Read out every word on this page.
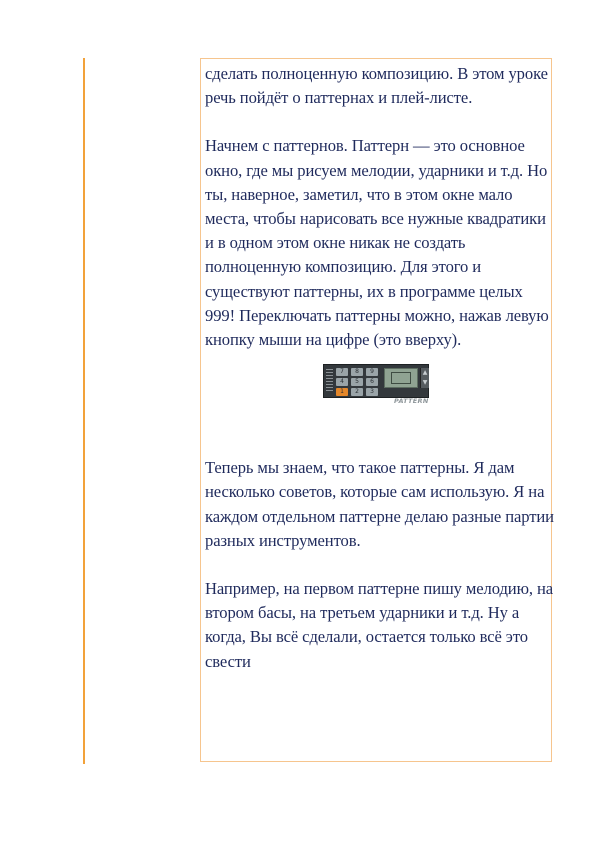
сделать полноценную композицию. В этом уроке речь пойдёт о паттернах и плей-листе.

Начнем с паттернов. Паттерн — это основное окно, где мы рисуем мелодии, ударники и т.д. Но ты, наверное, заметил, что в этом окне мало места, чтобы нарисовать все нужные квадратики и в одном этом окне никак не создать полноценную композицию. Для этого и существуют паттерны, их в программе целых 999! Переключать паттерны можно, нажав левую кнопку мыши на цифре (это вверху).

7	8	9
4	5	6
1	2	3
▲
▼
PATTERN

Теперь мы знаем, что такое паттерны. Я дам несколько советов, которые сам использую. Я на каждом отдельном паттерне делаю разные партии разных инструментов.

Например, на первом паттерне пишу мелодию, на втором басы, на третьем ударники и т.д. Ну а когда, Вы всё сделали, остается только всё это свести
